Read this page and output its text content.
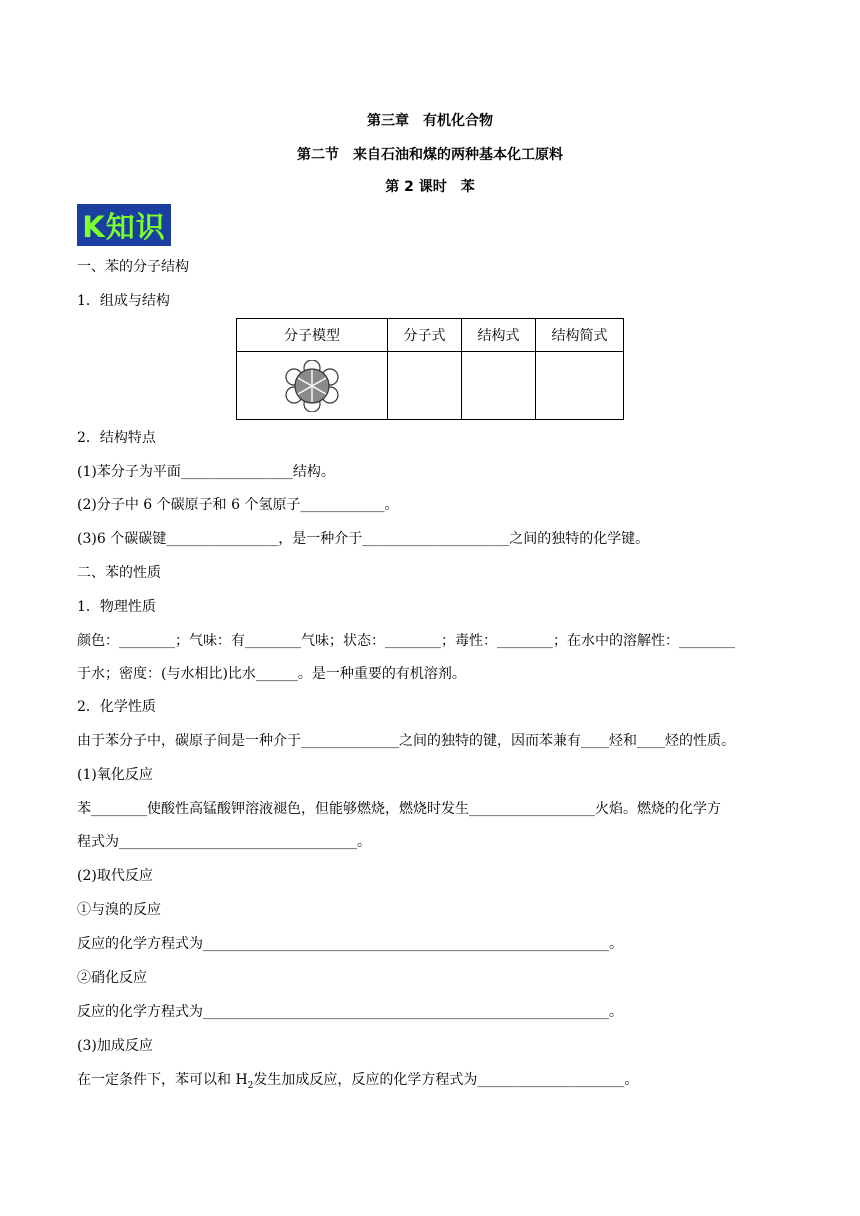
第三章　有机化合物
第二节　来自石油和煤的两种基本化工原料
第 2 课时　苯
K知识
一、苯的分子结构
1．组成与结构
分子模型	分子式	结构式	结构简式

2．结构特点
(1)苯分子为平面________________结构。
(2)分子中 6 个碳原子和 6 个氢原子____________。
(3)6 个碳碳键________________，是一种介于_____________________之间的独特的化学键。
二、苯的性质
1．物理性质
颜色：________；气味：有________气味；状态：________；毒性：________；在水中的溶解性：________
于水；密度：(与水相比)比水______。是一种重要的有机溶剂。
2．化学性质
由于苯分子中，碳原子间是一种介于______________之间的独特的键，因而苯兼有____烃和____烃的性质。
(1)氧化反应
苯________使酸性高锰酸钾溶液褪色，但能够燃烧，燃烧时发生__________________火焰。燃烧的化学方
程式为__________________________________。
(2)取代反应
①与溴的反应
反应的化学方程式为__________________________________________________________。
②硝化反应
反应的化学方程式为__________________________________________________________。
(3)加成反应
在一定条件下，苯可以和 $H_2$发生加成反应，反应的化学方程式为_____________________。
